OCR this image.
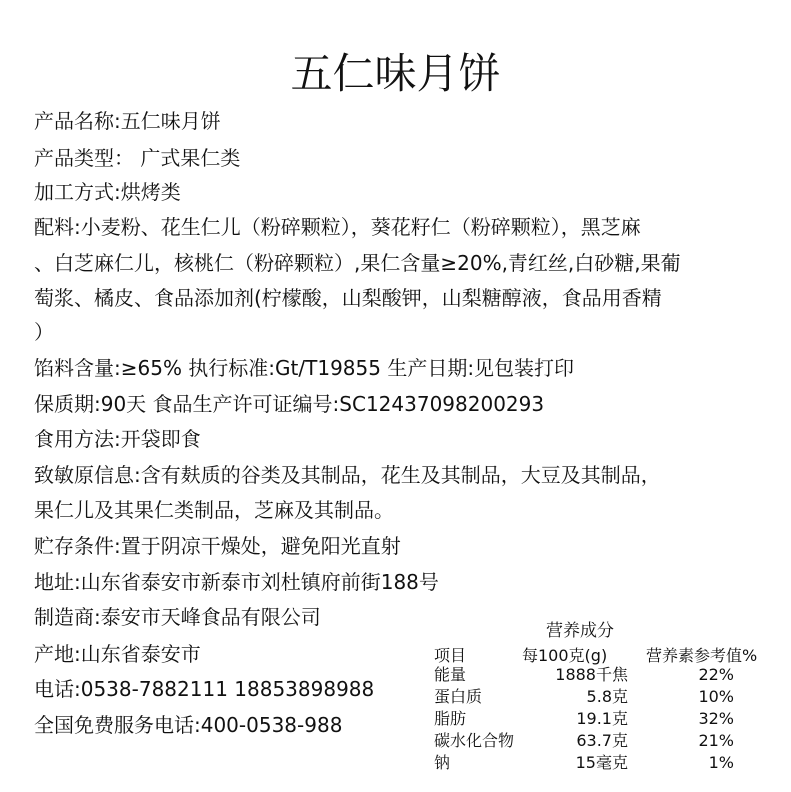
五仁味月饼
产品名称:五仁味月饼
产品类型： 广式果仁类
加工方式:烘烤类
配料:小麦粉、花生仁儿（粉碎颗粒），葵花籽仁（粉碎颗粒），黑芝麻
、白芝麻仁儿，核桃仁（粉碎颗粒）,果仁含量≥20%,青红丝,白砂糖,果葡
萄浆、橘皮、食品添加剂(柠檬酸，山梨酸钾，山梨糖醇液，食品用香精
）
馅料含量:≥65% 执行标准:Gt/T19855 生产日期:见包装打印
保质期:90天 食品生产许可证编号:SC12437098200293
食用方法:开袋即食
致敏原信息:含有麸质的谷类及其制品，花生及其制品，大豆及其制品，
果仁儿及其果仁类制品，芝麻及其制品。
贮存条件:置于阴凉干燥处，避免阳光直射
地址:山东省泰安市新泰市刘杜镇府前街188号
制造商:泰安市天峰食品有限公司
产地:山东省泰安市
电话:0538-7882111 18853898988
全国免费服务电话:400-0538-988
营养成分
项目	每100克(g) 营养素参考值%
能量	1888千焦	22%
蛋白质	5.8克	10%
脂肪	19.1克	32%
碳水化合物	63.7克	21%
钠	15毫克	1%
